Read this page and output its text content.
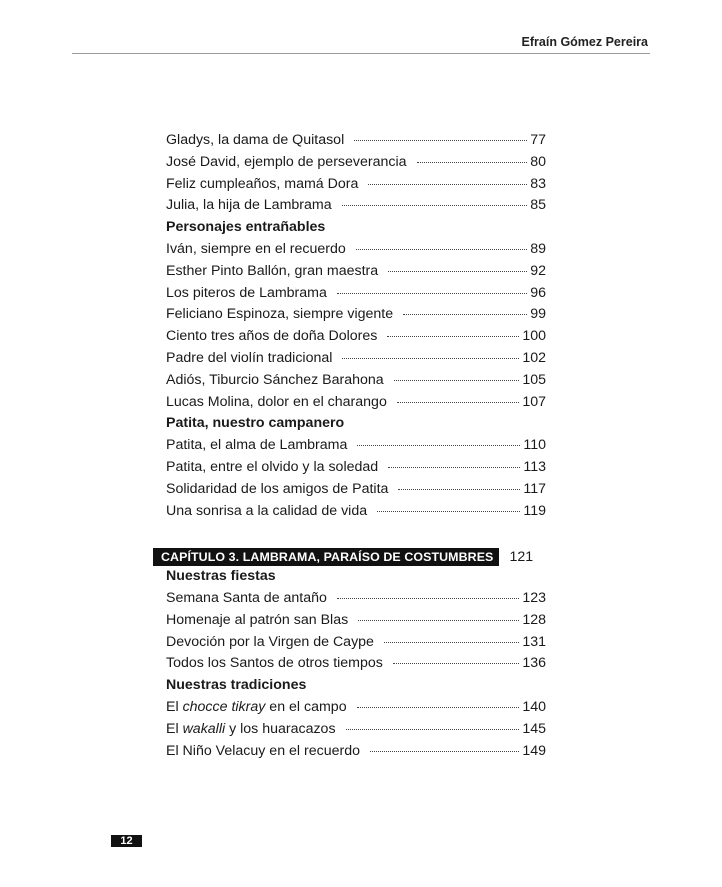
Efraín Gómez Pereira
Gladys, la dama de Quitasol	77
José David, ejemplo de perseverancia	80
Feliz cumpleaños, mamá Dora	83
Julia, la hija de Lambrama	85
Personajes entrañables
Iván, siempre en el recuerdo	89
Esther Pinto Ballón, gran maestra	92
Los piteros de Lambrama	96
Feliciano Espinoza, siempre vigente	99
Ciento tres años de doña Dolores	100
Padre del violín tradicional	102
Adiós, Tiburcio Sánchez Barahona	105
Lucas Molina, dolor en el charango	107
Patita, nuestro campanero
Patita, el alma de Lambrama	110
Patita, entre el olvido y la soledad	113
Solidaridad de los amigos de Patita	117
Una sonrisa a la calidad de vida	119
CAPÍTULO 3. LAMBRAMA, PARAÍSO DE COSTUMBRES	121
Nuestras fiestas
Semana Santa de antaño	123
Homenaje al patrón san Blas	128
Devoción por la Virgen de Caype	131
Todos los Santos de otros tiempos	136
Nuestras tradiciones
El chocce tikray en el campo	140
El wakalli y los huaracazos	145
El Niño Velacuy en el recuerdo	149
12
